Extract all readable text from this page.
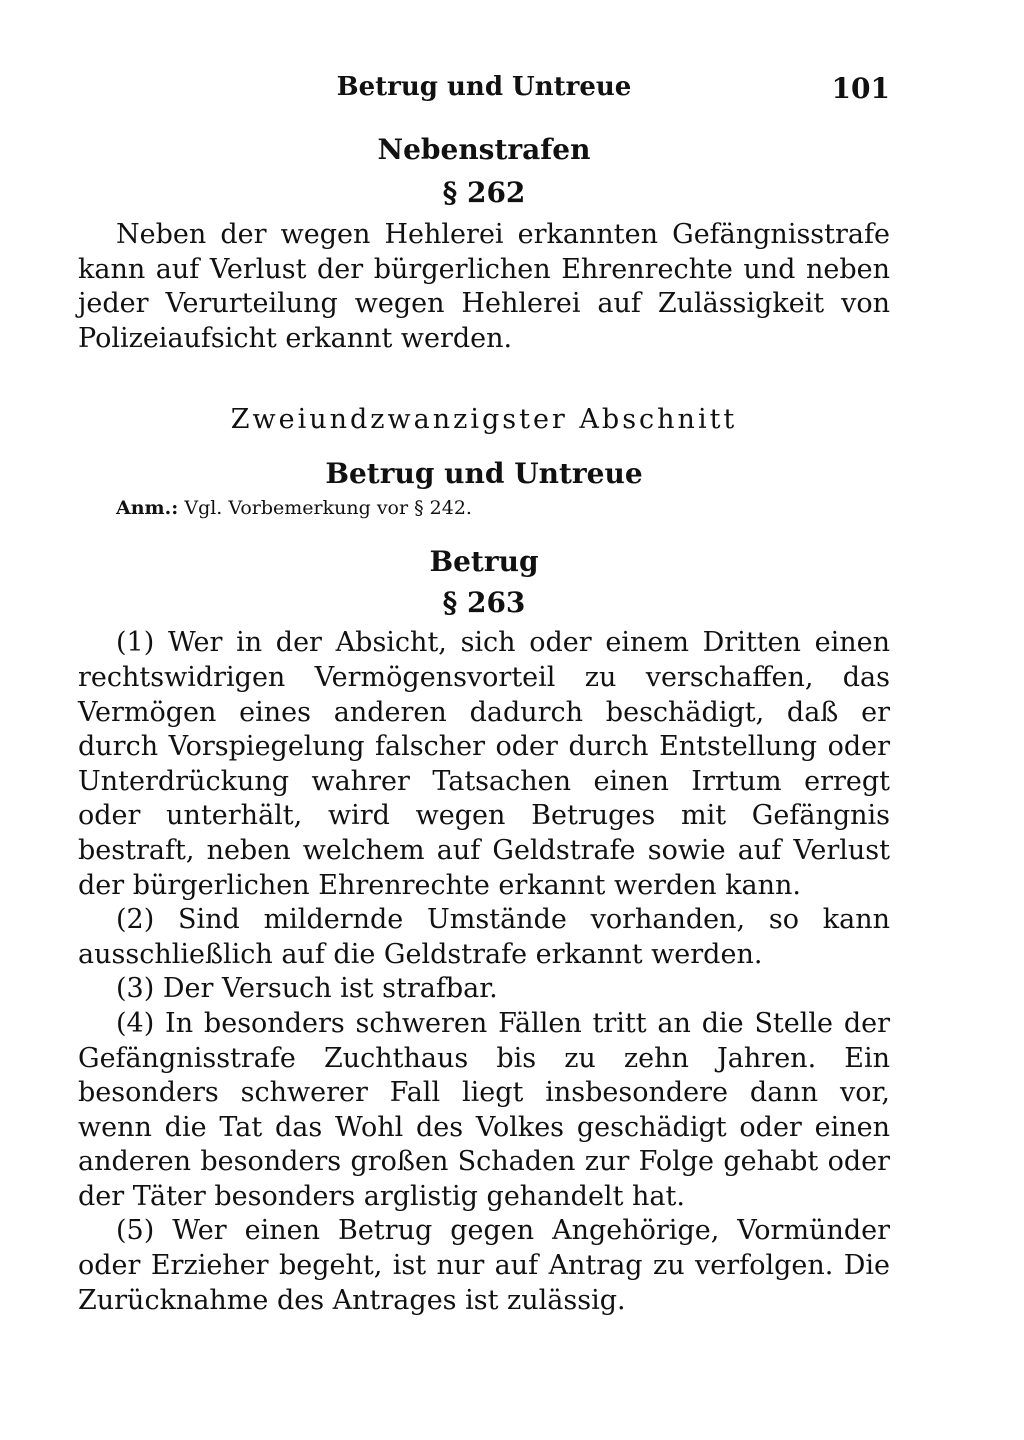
Betrug und Untreue	101
Nebenstrafen
§ 262

Neben der wegen Hehlerei erkannten Gefängnisstrafe kann auf Verlust der bürgerlichen Ehrenrechte und neben jeder Verurteilung wegen Hehlerei auf Zulässigkeit von Polizeiaufsicht erkannt werden.

Zweiundzwanzigster Abschnitt
Betrug und Untreue
Anm.: Vgl. Vorbemerkung vor § 242.
Betrug
§ 263

(1) Wer in der Absicht, sich oder einem Dritten einen rechtswidrigen Vermögensvorteil zu verschaffen, das Vermögen eines anderen dadurch beschädigt, daß er durch Vorspiegelung falscher oder durch Entstellung oder Unterdrückung wahrer Tatsachen einen Irrtum erregt oder unterhält, wird wegen Betruges mit Gefängnis bestraft, neben welchem auf Geldstrafe sowie auf Verlust der bürgerlichen Ehrenrechte erkannt werden kann.

(2) Sind mildernde Umstände vorhanden, so kann ausschließlich auf die Geldstrafe erkannt werden.

(3) Der Versuch ist strafbar.

(4) In besonders schweren Fällen tritt an die Stelle der Gefängnisstrafe Zuchthaus bis zu zehn Jahren. Ein besonders schwerer Fall liegt insbesondere dann vor, wenn die Tat das Wohl des Volkes geschädigt oder einen anderen besonders großen Schaden zur Folge gehabt oder der Täter besonders arglistig gehandelt hat.

(5) Wer einen Betrug gegen Angehörige, Vormünder oder Erzieher begeht, ist nur auf Antrag zu verfolgen. Die Zurücknahme des Antrages ist zulässig.
